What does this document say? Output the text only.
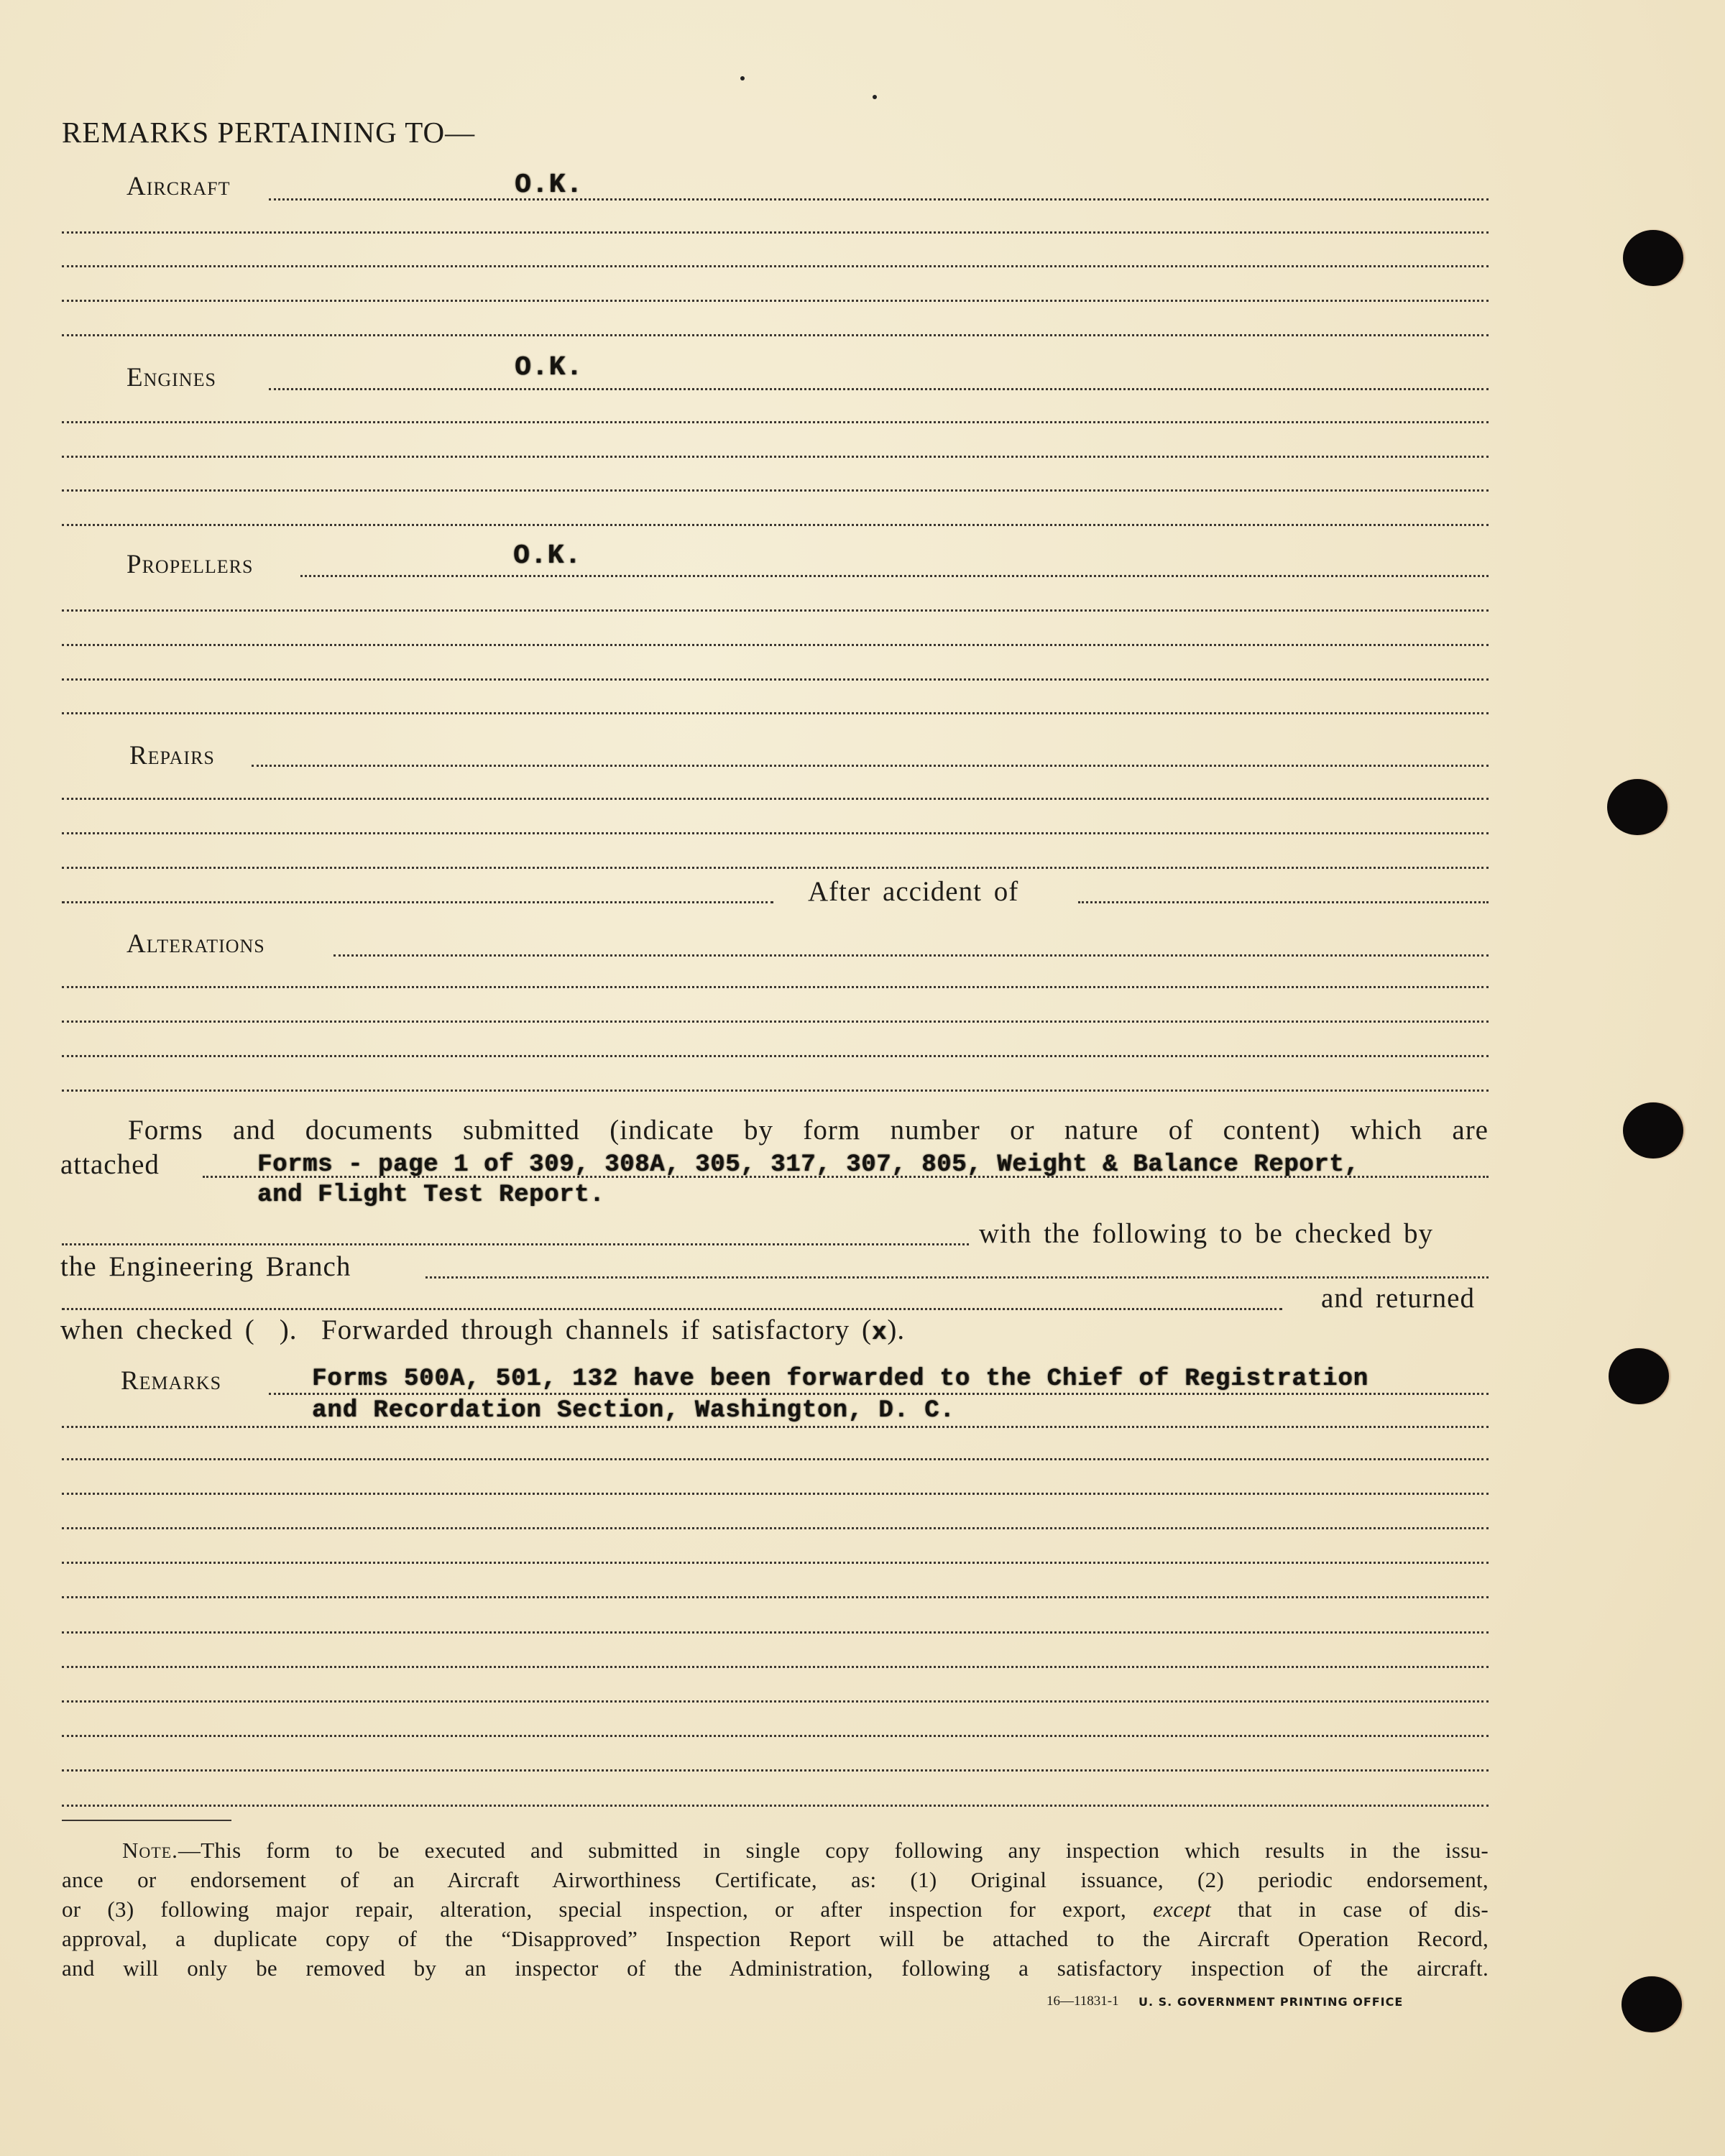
REMARKS PERTAINING TO—
Aircraft	O.K.
Engines	O.K.
Propellers	O.K.
Repairs
After accident of
Alterations
Forms and documents submitted (indicate by form number or nature of content) which are
attached	Forms - page 1 of 309, 308A, 305, 317, 307, 805, Weight & Balance Report,
and Flight Test Report.
with the following to be checked by
the Engineering Branch
and returned
when checked ( ).  Forwarded through channels if satisfactory (x).
Remarks	Forms 500A, 501, 132 have been forwarded to the Chief of Registration
and Recordation Section, Washington, D. C.
Note.—This form to be executed and submitted in single copy following any inspection which results in the issu-
ance or endorsement of an Aircraft Airworthiness Certificate, as: (1) Original issuance, (2) periodic endorsement,
or (3) following major repair, alteration, special inspection, or after inspection for export, except that in case of dis-
approval, a duplicate copy of the “Disapproved” Inspection Report will be attached to the Aircraft Operation Record,
and will only be removed by an inspector of the Administration, following a satisfactory inspection of the aircraft.
16—11831-1 U. S. GOVERNMENT PRINTING OFFICE
